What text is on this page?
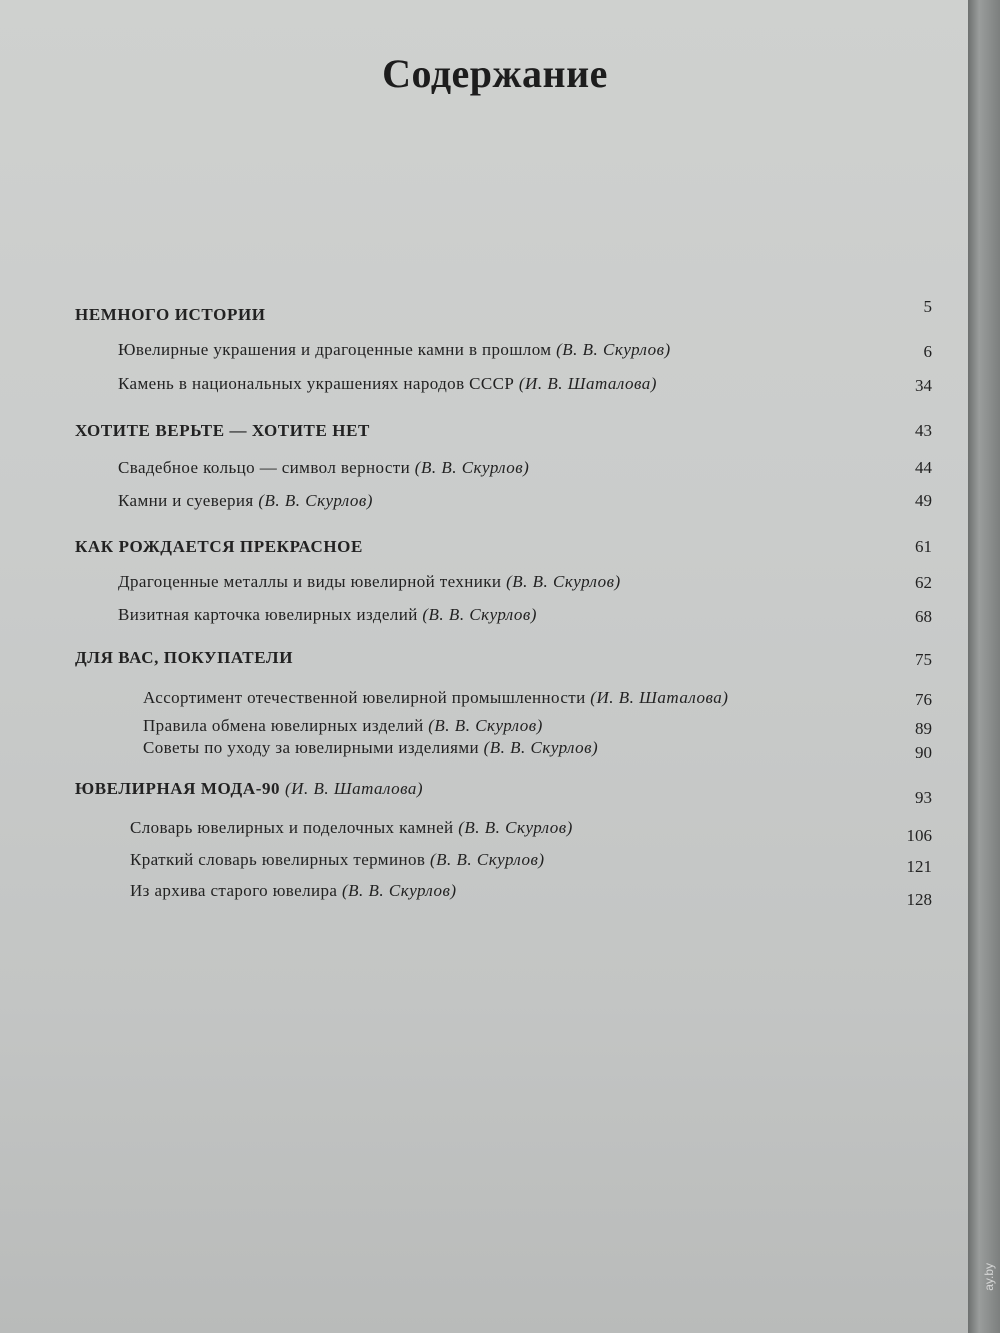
Содержание
НЕМНОГО ИСТОРИИ	5
Ювелирные украшения и драгоценные камни в прошлом (В. В. Скурлов)	6
Камень в национальных украшениях народов СССР (И. В. Шаталова)	34
ХОТИТЕ ВЕРЬТЕ — ХОТИТЕ НЕТ	43
Свадебное кольцо — символ верности (В. В. Скурлов)	44
Камни и суеверия (В. В. Скурлов)	49
КАК РОЖДАЕТСЯ ПРЕКРАСНОЕ	61
Драгоценные металлы и виды ювелирной техники (В. В. Скурлов)	62
Визитная карточка ювелирных изделий (В. В. Скурлов)	68
ДЛЯ ВАС, ПОКУПАТЕЛИ	75
Ассортимент отечественной ювелирной промышленности (И. В. Шаталова)	76
Правила обмена ювелирных изделий (В. В. Скурлов)	89
Советы по уходу за ювелирными изделиями (В. В. Скурлов)	90
ЮВЕЛИРНАЯ МОДА-90 (И. В. Шаталова)	93
Словарь ювелирных и поделочных камней (В. В. Скурлов)	106
Краткий словарь ювелирных терминов (В. В. Скурлов)	121
Из архива старого ювелира (В. В. Скурлов)	128
ay.by
